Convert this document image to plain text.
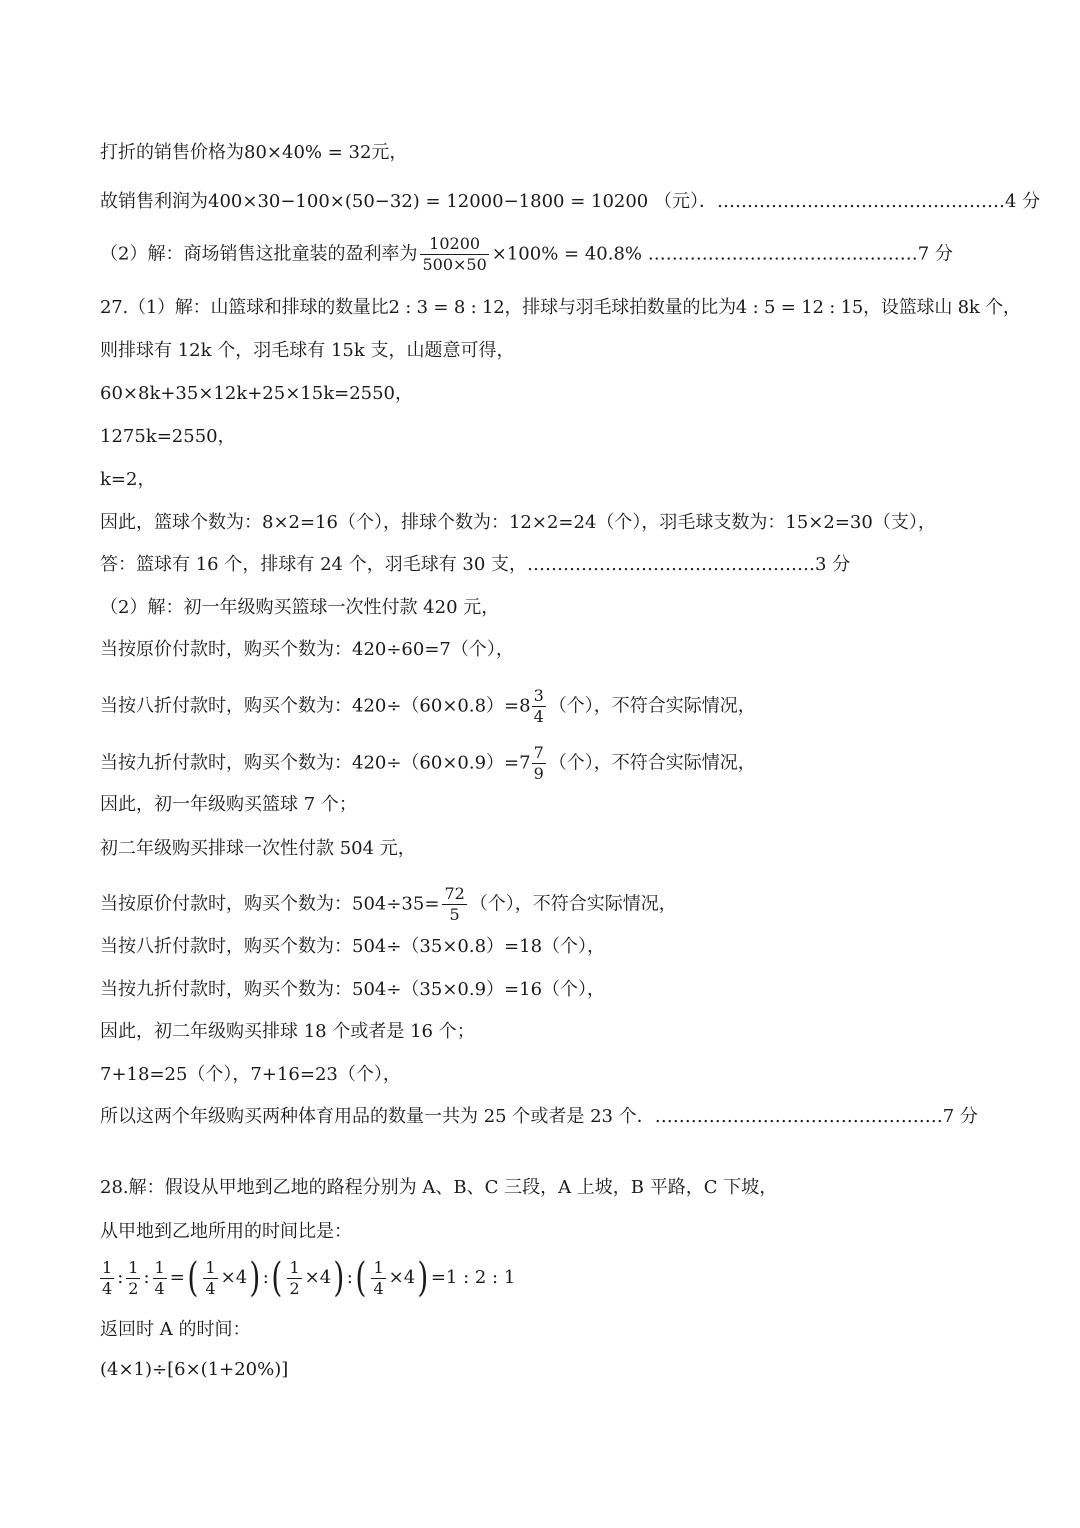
打折的销售价格为80×40% = 32元，
故销售利润为400×30−100×(50−32) = 12000−1800 = 10200 （元）．…………………………………………4 分
（2）解：商场销售这批童装的盈利率为 $\frac{10200}{500\times 50} \times 100\% = 40.8\%$ ………………………………………7 分
27.（1）解：山篮球和排球的数量比2 : 3 = 8 : 12，排球与羽毛球拍数量的比为4 : 5 = 12 : 15，设篮球山 8k 个，
则排球有 12k 个，羽毛球有 15k 支，山题意可得，
60×8k+35×12k+25×15k=2550，
1275k=2550，
k=2，
因此，篮球个数为：8×2=16（个），排球个数为：12×2=24（个），羽毛球支数为：15×2=30（支），
答：篮球有 16 个，排球有 24 个，羽毛球有 30 支，…………………………………………3 分
（2）解：初一年级购买篮球一次性付款 420 元，
当按原价付款时，购买个数为：420÷60=7（个），
当按八折付款时，购买个数为：$420\div(60\times 0.8)=8 \frac{3}{4}$ （个），不符合实际情况，
当按九折付款时，购买个数为：$420\div(60\times 0.9)=7 \frac{7}{9}$ （个），不符合实际情况，
因此，初一年级购买篮球 7 个；
初二年级购买排球一次性付款 504 元，
当按原价付款时，购买个数为：$504\div 35= \frac{72}{5}$ （个），不符合实际情况，
当按八折付款时，购买个数为：504÷（35×0.8）=18（个），
当按九折付款时，购买个数为：504÷（35×0.9）=16（个），
因此，初二年级购买排球 18 个或者是 16 个；
7+18=25（个），7+16=23（个），
所以这两个年级购买两种体育用品的数量一共为 25 个或者是 23 个．…………………………………………7 分
28.解：假设从甲地到乙地的路程分别为 A、B、C 三段，A 上坡，B 平路，C 下坡，
从甲地到乙地所用的时间比是：
$\frac{1}{4}$ : $\frac{1}{2}$ : $\frac{1}{4}$ =( $\frac{1}{4} \times 4$) :( $\frac{1}{2} \times 4$) :( $\frac{1}{4} \times 4) =1$ : 2 : 1
返回时 A 的时间：
(4×1)÷[6×(1+20%)]
